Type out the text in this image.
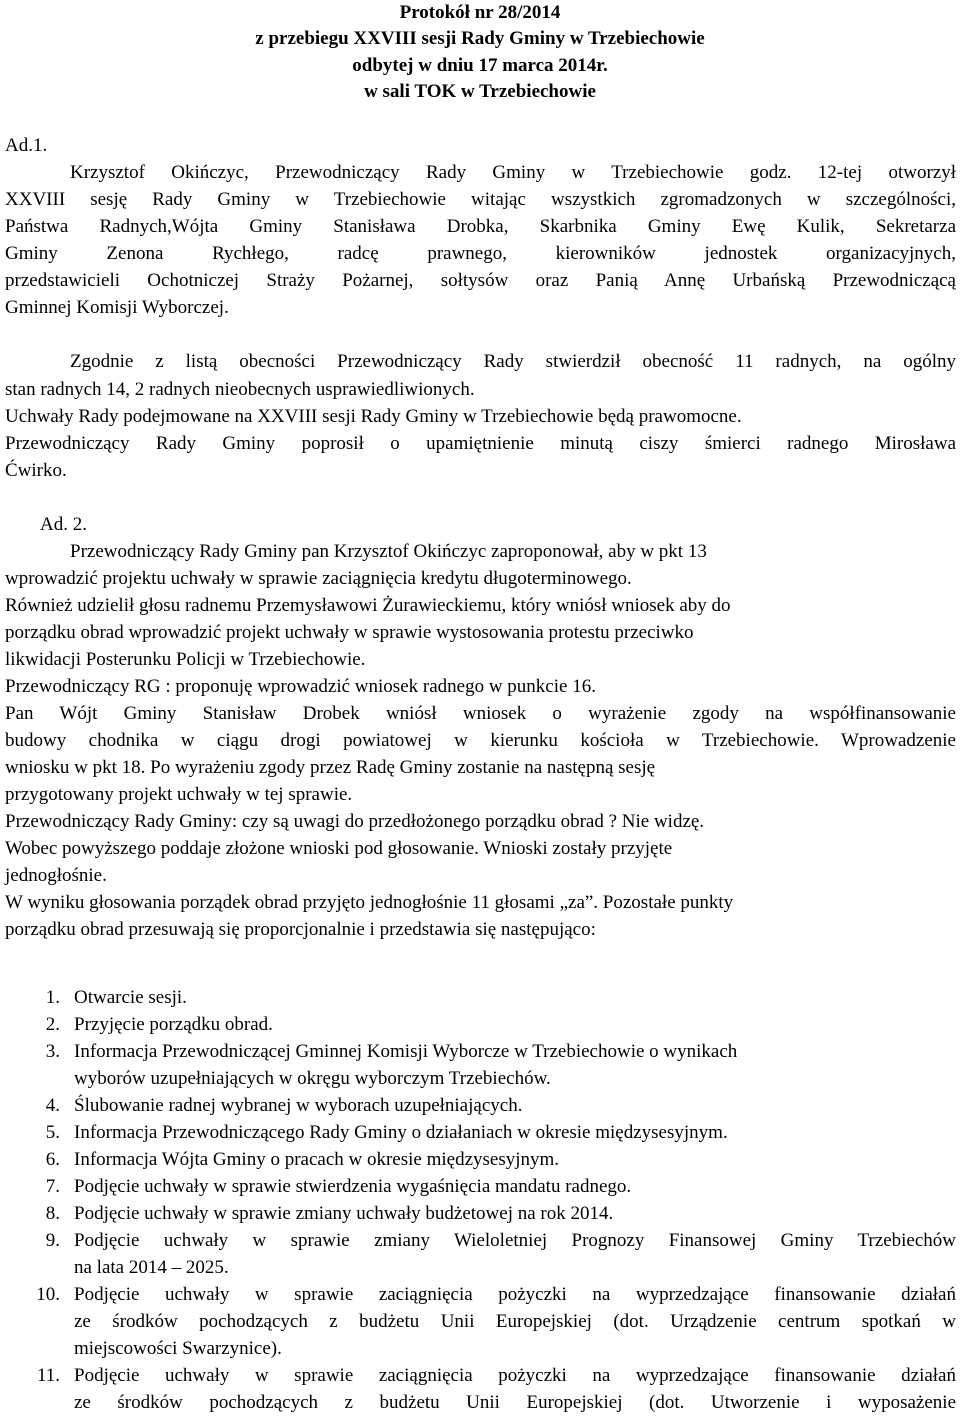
Protokół nr 28/2014
z przebiegu XXVIII sesji Rady Gminy w Trzebiechowie
odbytej w dniu 17 marca 2014r.
w sali TOK w Trzebiechowie
Ad.1.
Krzysztof Okińczyc, Przewodniczący Rady Gminy w Trzebiechowie godz. 12-tej otworzył
XXVIII sesję Rady Gminy w Trzebiechowie witając wszystkich zgromadzonych w szczególności,
Państwa Radnych,Wójta Gminy Stanisława Drobka, Skarbnika Gminy Ewę Kulik, Sekretarza
Gminy Zenona Rychłego, radcę prawnego, kierowników jednostek organizacyjnych,
przedstawicieli Ochotniczej Straży Pożarnej, sołtysów oraz Panią Annę Urbańską Przewodniczącą
Gminnej Komisji Wyborczej.
Zgodnie z listą obecności Przewodniczący Rady stwierdził obecność 11 radnych, na ogólny
stan radnych 14, 2 radnych nieobecnych usprawiedliwionych.
Uchwały Rady podejmowane na XXVIII sesji Rady Gminy w Trzebiechowie będą prawomocne.
Przewodniczący Rady Gminy poprosił o upamiętnienie minutą ciszy śmierci radnego Mirosława
Ćwirko.
Ad. 2.
Przewodniczący Rady Gminy pan Krzysztof Okińczyc zaproponował, aby w pkt 13
wprowadzić projektu uchwały w sprawie zaciągnięcia kredytu długoterminowego.
Również udzielił głosu radnemu Przemysławowi Żurawieckiemu, który wniósł wniosek aby do
porządku obrad wprowadzić projekt uchwały w sprawie wystosowania protestu przeciwko
likwidacji Posterunku Policji w Trzebiechowie.
Przewodniczący RG : proponuję wprowadzić wniosek radnego w punkcie 16.
Pan Wójt Gminy Stanisław Drobek wniósł wniosek o wyrażenie zgody na współfinansowanie
budowy chodnika w ciągu drogi powiatowej w kierunku kościoła w Trzebiechowie. Wprowadzenie
wniosku w pkt 18. Po wyrażeniu zgody przez Radę Gminy zostanie na następną sesję
przygotowany projekt uchwały w tej sprawie.
Przewodniczący Rady Gminy: czy są uwagi do przedłożonego porządku obrad ? Nie widzę.
Wobec powyższego poddaje złożone wnioski pod głosowanie. Wnioski zostały przyjęte
jednogłośnie.
W wyniku głosowania porządek obrad przyjęto jednogłośnie 11 głosami „za”. Pozostałe punkty
porządku obrad przesuwają się proporcjonalnie i przedstawia się następująco:
1. Otwarcie sesji.
2. Przyjęcie porządku obrad.
3. Informacja Przewodniczącej Gminnej Komisji Wyborcze w Trzebiechowie o wynikach
wyborów uzupełniających w okręgu wyborczym Trzebiechów.
4. Ślubowanie radnej wybranej w wyborach uzupełniających.
5. Informacja Przewodniczącego Rady Gminy o działaniach w okresie międzysesyjnym.
6. Informacja Wójta Gminy o pracach w okresie międzysesyjnym.
7. Podjęcie uchwały w sprawie stwierdzenia wygaśnięcia mandatu radnego.
8. Podjęcie uchwały w sprawie zmiany uchwały budżetowej na rok 2014.
9. Podjęcie uchwały w sprawie zmiany Wieloletniej Prognozy Finansowej Gminy Trzebiechów
na lata 2014 – 2025.
10. Podjęcie uchwały w sprawie zaciągnięcia pożyczki na wyprzedzające finansowanie działań
ze środków pochodzących z budżetu Unii Europejskiej (dot. Urządzenie centrum spotkań w
miejscowości Swarzynice).
11. Podjęcie uchwały w sprawie zaciągnięcia pożyczki na wyprzedzające finansowanie działań
ze środków pochodzących z budżetu Unii Europejskiej (dot. Utworzenie i wyposażenie
